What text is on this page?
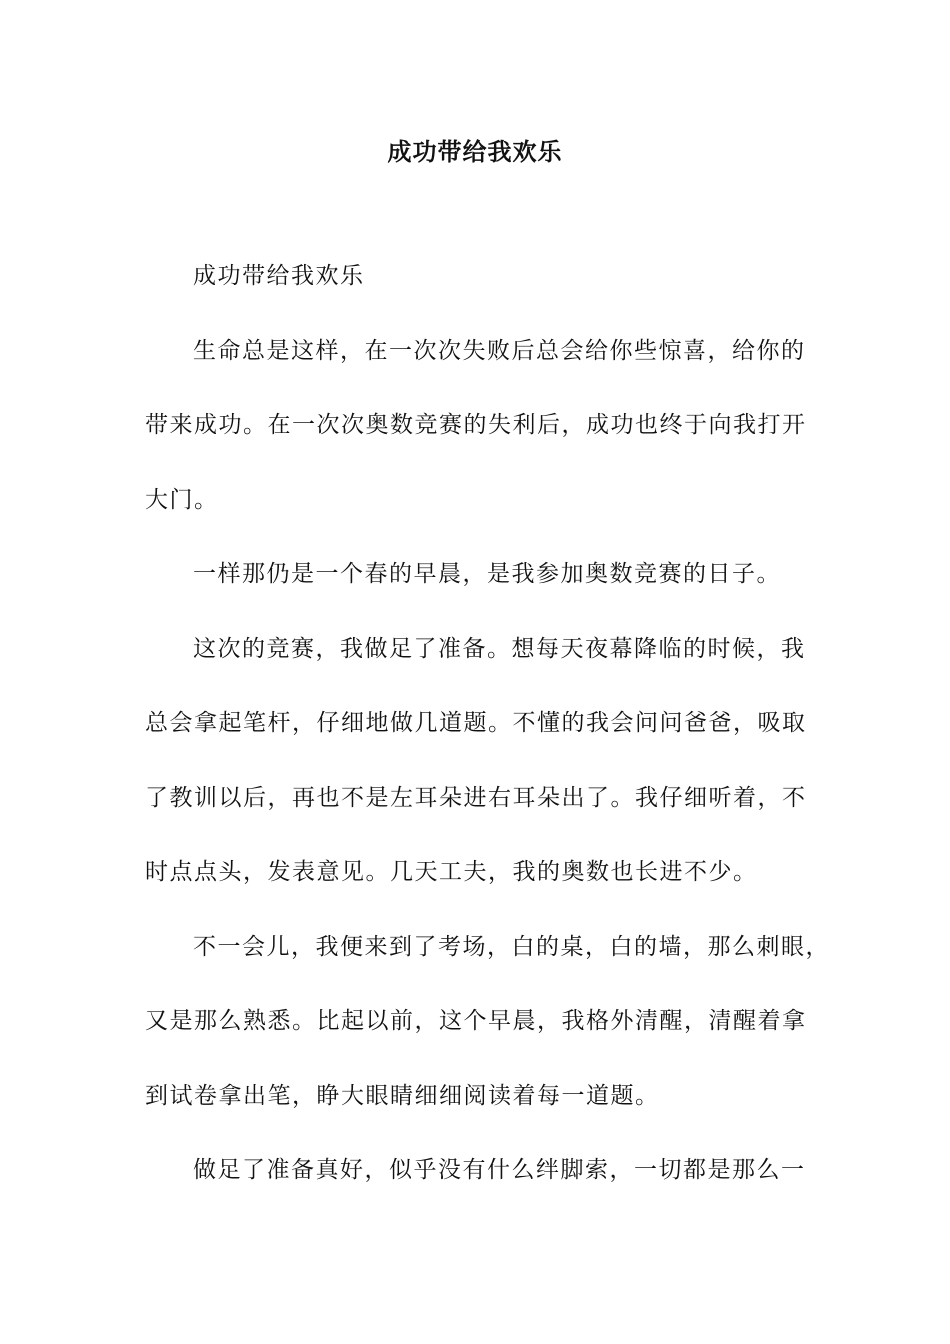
成功带给我欢乐
成功带给我欢乐
生命总是这样，在一次次失败后总会给你些惊喜，给你的
带来成功。在一次次奥数竞赛的失利后，成功也终于向我打开
大门。
一样那仍是一个春的早晨，是我参加奥数竞赛的日子。
这次的竞赛，我做足了准备。想每天夜幕降临的时候，我
总会拿起笔杆，仔细地做几道题。不懂的我会问问爸爸，吸取
了教训以后，再也不是左耳朵进右耳朵出了。我仔细听着，不
时点点头，发表意见。几天工夫，我的奥数也长进不少。
不一会儿，我便来到了考场，白的桌，白的墙，那么刺眼，
又是那么熟悉。比起以前，这个早晨，我格外清醒，清醒着拿
到试卷拿出笔，睁大眼睛细细阅读着每一道题。
做足了准备真好，似乎没有什么绊脚索，一切都是那么一
